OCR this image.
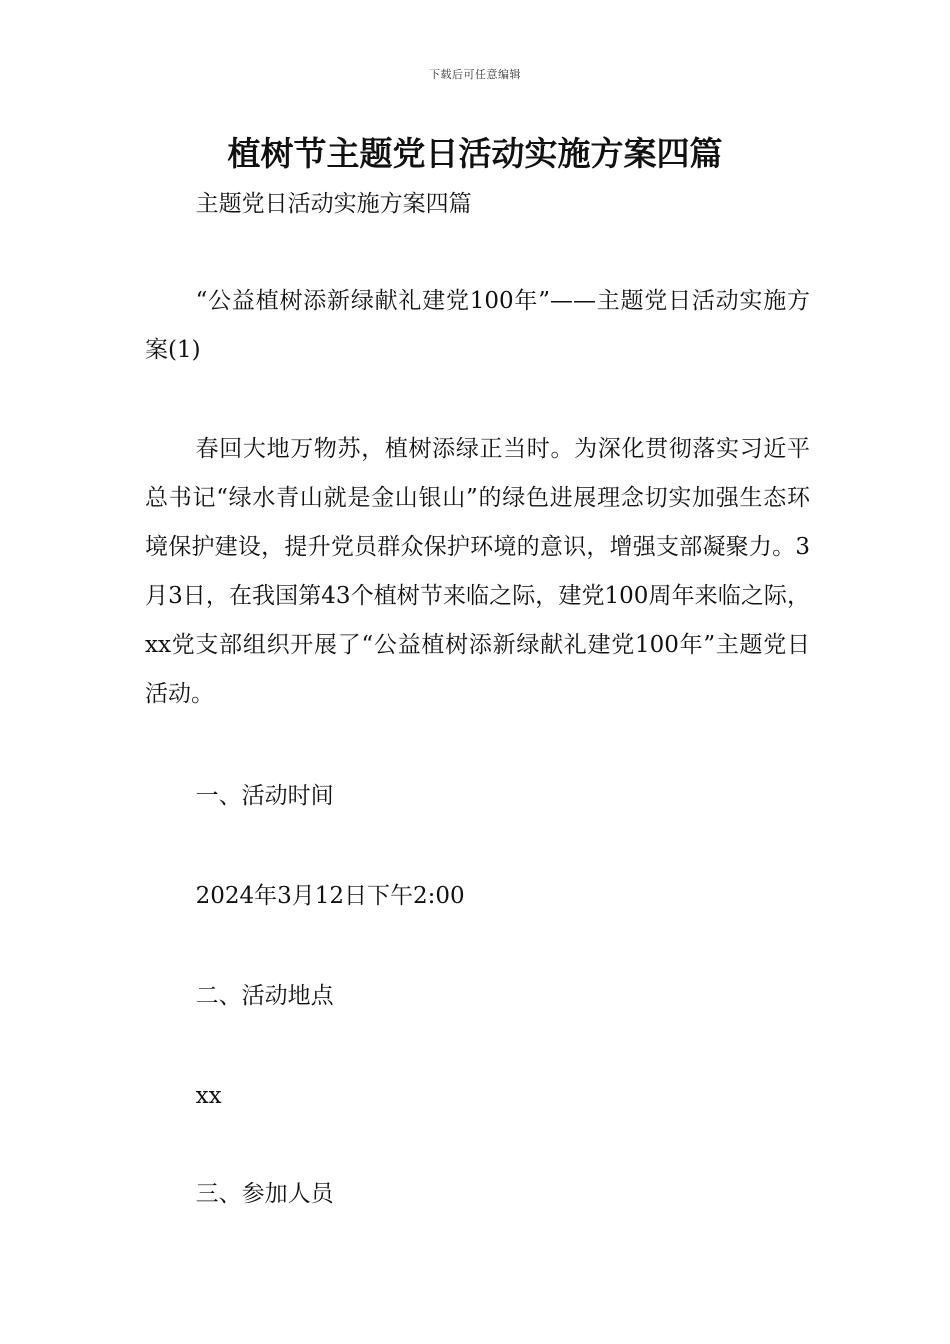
下载后可任意编辑
植树节主题党日活动实施方案四篇

主题党日活动实施方案四篇

“公益植树添新绿献礼建党100年”——主题党日活动实施方案(1)

春回大地万物苏，植树添绿正当时。为深化贯彻落实习近平总书记“绿水青山就是金山银山”的绿色进展理念切实加强生态环境保护建设，提升党员群众保护环境的意识，增强支部凝聚力。3月3日，在我国第43个植树节来临之际，建党100周年来临之际，xx党支部组织开展了“公益植树添新绿献礼建党100年”主题党日活动。

一、活动时间

2024年3月12日下午2:00

二、活动地点

xx

三、参加人员
